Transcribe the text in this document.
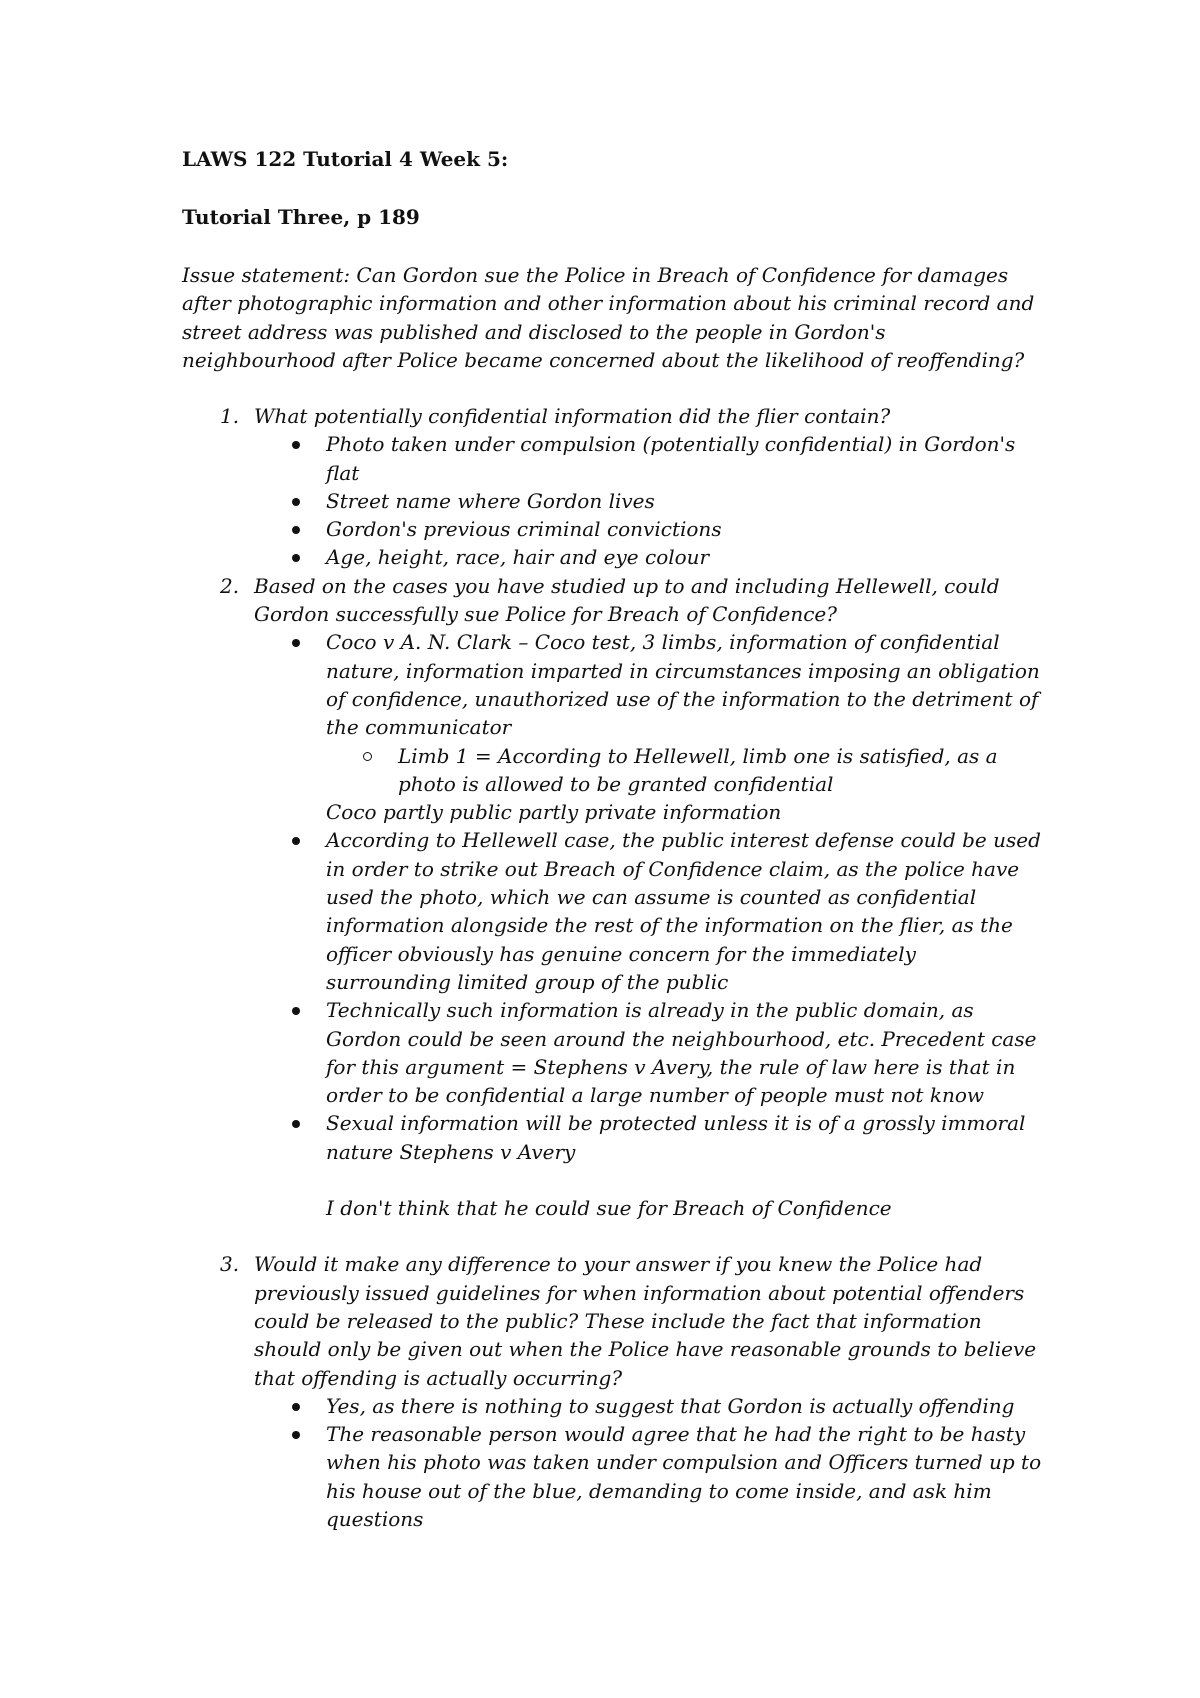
LAWS 122 Tutorial 4 Week 5:
Tutorial Three, p 189

Issue statement: Can Gordon sue the Police in Breach of Confidence for damages after photographic information and other information about his criminal record and street address was published and disclosed to the people in Gordon's neighbourhood after Police became concerned about the likelihood of reoffending?

1. What potentially confidential information did the flier contain?
Photo taken under compulsion (potentially confidential) in Gordon's flat
Street name where Gordon lives
Gordon's previous criminal convictions
Age, height, race, hair and eye colour
2. Based on the cases you have studied up to and including Hellewell, could Gordon successfully sue Police for Breach of Confidence?
Coco v A. N. Clark – Coco test, 3 limbs, information of confidential nature, information imparted in circumstances imposing an obligation of confidence, unauthorized use of the information to the detriment of the communicator
Limb 1 = According to Hellewell, limb one is satisfied, as a photo is allowed to be granted confidential
Coco partly public partly private information
According to Hellewell case, the public interest defense could be used in order to strike out Breach of Confidence claim, as the police have used the photo, which we can assume is counted as confidential information alongside the rest of the information on the flier, as the officer obviously has genuine concern for the immediately surrounding limited group of the public
Technically such information is already in the public domain, as Gordon could be seen around the neighbourhood, etc. Precedent case for this argument = Stephens v Avery, the rule of law here is that in order to be confidential a large number of people must not know
Sexual information will be protected unless it is of a grossly immoral nature Stephens v Avery
I don't think that he could sue for Breach of Confidence
3. Would it make any difference to your answer if you knew the Police had previously issued guidelines for when information about potential offenders could be released to the public? These include the fact that information should only be given out when the Police have reasonable grounds to believe that offending is actually occurring?
Yes, as there is nothing to suggest that Gordon is actually offending
The reasonable person would agree that he had the right to be hasty when his photo was taken under compulsion and Officers turned up to his house out of the blue, demanding to come inside, and ask him questions
